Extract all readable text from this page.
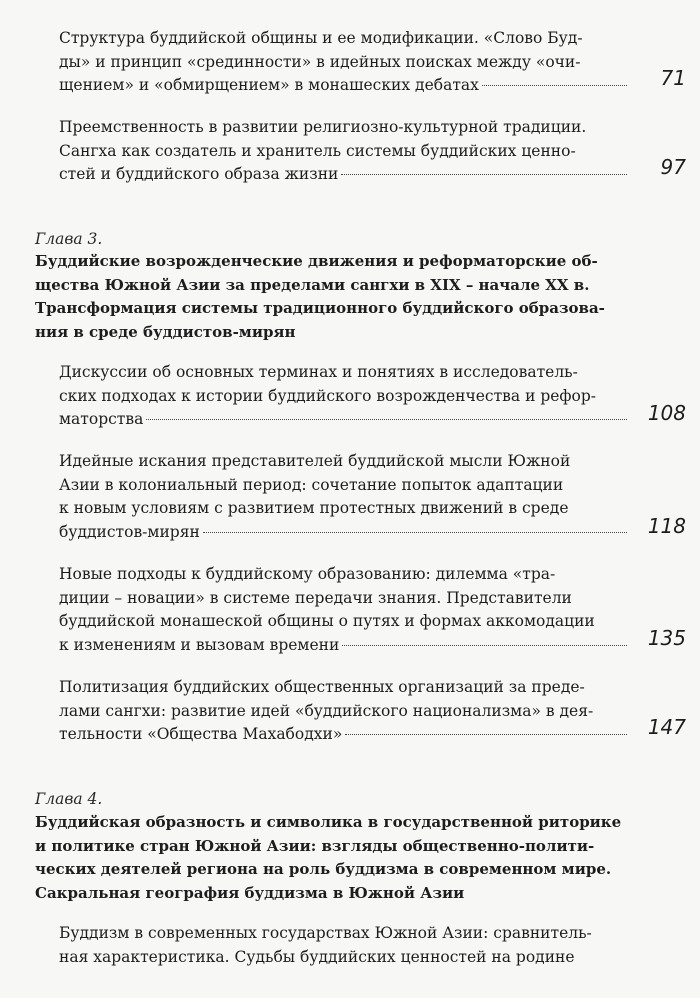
Структура буддийской общины и ее модификации. «Слово Буд-
ды» и принцип «срединности» в идейных поисках между «очи-
щением» и «обмирщением» в монашеских дебатах	71
Преемственность в развитии религиозно-культурной традиции.
Сангха как создатель и хранитель системы буддийских ценно-
стей и буддийского образа жизни	97
Глава 3.
Буддийские возрожденческие движения и реформаторские об-
щества Южной Азии за пределами сангхи в XIX – начале XX в.
Трансформация системы традиционного буддийского образова-
ния в среде буддистов-мирян
Дискуссии об основных терминах и понятиях в исследователь-
ских подходах к истории буддийского возрожденчества и рефор-
маторства	108
Идейные искания представителей буддийской мысли Южной
Азии в колониальный период: сочетание попыток адаптации
к новым условиям с развитием протестных движений в среде
буддистов-мирян	118
Новые подходы к буддийскому образованию: дилемма «тра-
диции – новации» в системе передачи знания. Представители
буддийской монашеской общины о путях и формах аккомодации
к изменениям и вызовам времени	135
Политизация буддийских общественных организаций за преде-
лами сангхи: развитие идей «буддийского национализма» в дея-
тельности «Общества Махабодхи»	147
Глава 4.
Буддийская образность и символика в государственной риторике
и политике стран Южной Азии: взгляды общественно-полити-
ческих деятелей региона на роль буддизма в современном мире.
Сакральная география буддизма в Южной Азии
Буддизм в современных государствах Южной Азии: сравнитель-
ная характеристика. Судьбы буддийских ценностей на родине
